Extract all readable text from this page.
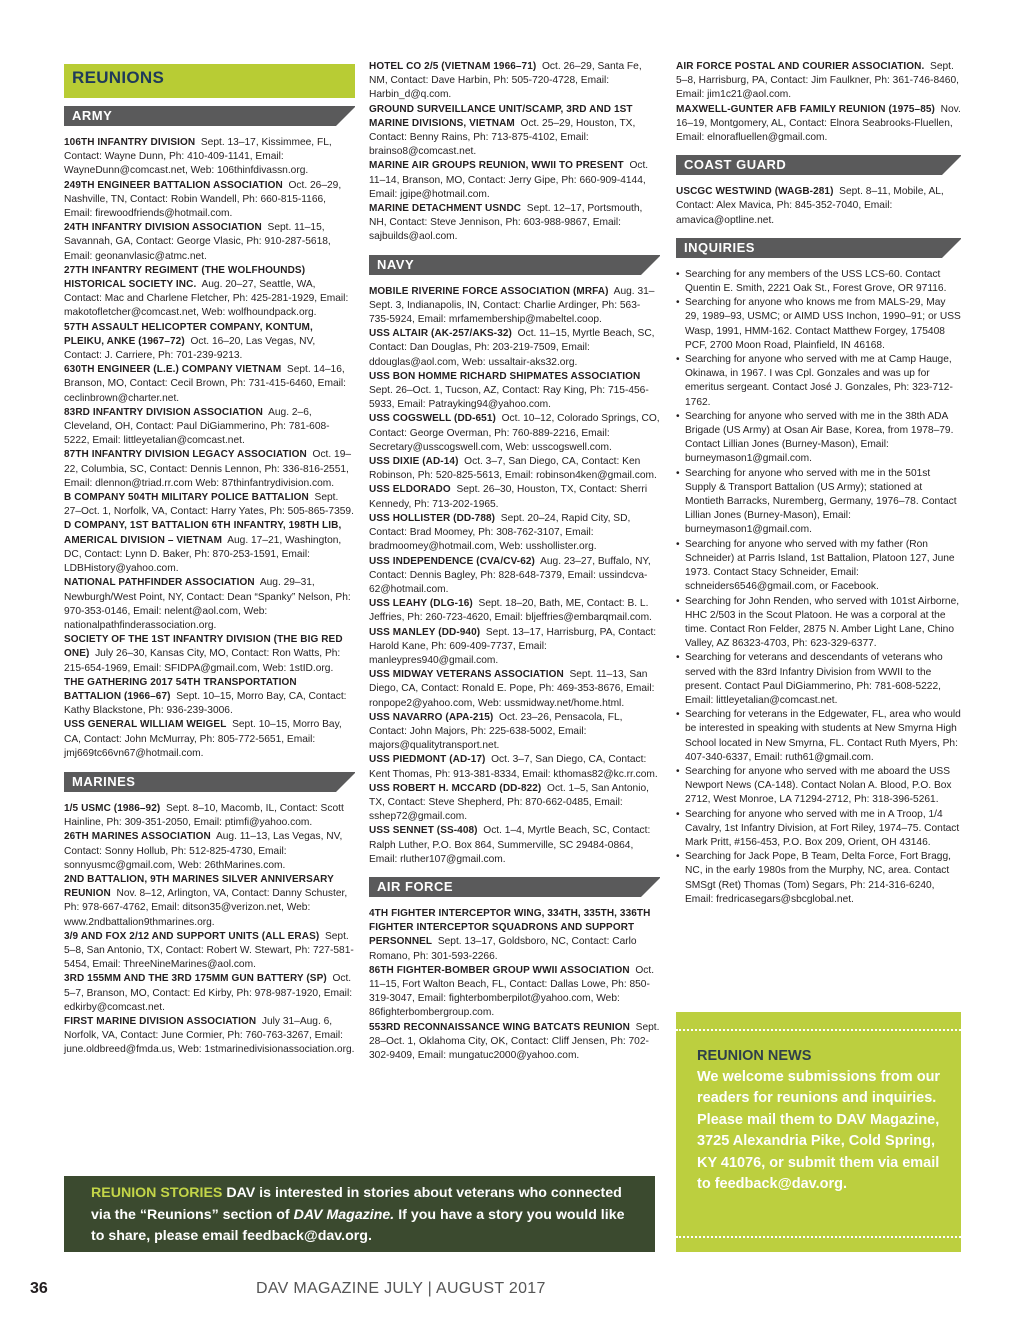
REUNIONS
ARMY
106TH INFANTRY DIVISION Sept. 13–17, Kissimmee, FL, Contact: Wayne Dunn, Ph: 410-409-1141, Email: WayneDunn@comcast.net, Web: 106thinfdivassn.org.
249TH ENGINEER BATTALION ASSOCIATION Oct. 26–29, Nashville, TN, Contact: Robin Wandell, Ph: 660-815-1166, Email: firewoodfriends@hotmail.com.
24TH INFANTRY DIVISION ASSOCIATION Sept. 11–15, Savannah, GA, Contact: George Vlasic, Ph: 910-287-5618, Email: geonanvlasic@atmc.net.
27TH INFANTRY REGIMENT (THE WOLFHOUNDS) HISTORICAL SOCIETY INC. Aug. 20–27, Seattle, WA, Contact: Mac and Charlene Fletcher, Ph: 425-281-1929, Email: makotofletcher@comcast.net, Web: wolfhoundpack.org.
57TH ASSAULT HELICOPTER COMPANY, KONTUM, PLEIKU, ANKE (1967–72) Oct. 16–20, Las Vegas, NV, Contact: J. Carriere, Ph: 701-239-9213.
630TH ENGINEER (L.E.) COMPANY VIETNAM Sept. 14–16, Branson, MO, Contact: Cecil Brown, Ph: 731-415-6460, Email: ceclinbrown@charter.net.
83RD INFANTRY DIVISION ASSOCIATION Aug. 2–6, Cleveland, OH, Contact: Paul DiGiammerino, Ph: 781-608-5222, Email: littleyetalian@comcast.net.
87TH INFANTRY DIVISION LEGACY ASSOCIATION Oct. 19–22, Columbia, SC, Contact: Dennis Lennon, Ph: 336-816-2551, Email: dlennon@triad.rr.com Web: 87thinfantrydivision.com.
B COMPANY 504TH MILITARY POLICE BATTALION Sept. 27–Oct. 1, Norfolk, VA, Contact: Harry Yates, Ph: 505-865-7359.
D COMPANY, 1ST BATTALION 6TH INFANTRY, 198TH LIB, AMERICAL DIVISION – VIETNAM Aug. 17–21, Washington, DC, Contact: Lynn D. Baker, Ph: 870-253-1591, Email: LDBHistory@yahoo.com.
NATIONAL PATHFINDER ASSOCIATION Aug. 29–31, Newburgh/West Point, NY, Contact: Dean “Spanky” Nelson, Ph: 970-353-0146, Email: nelent@aol.com, Web: nationalpathfinderassociation.org.
SOCIETY OF THE 1ST INFANTRY DIVISION (THE BIG RED ONE) July 26–30, Kansas City, MO, Contact: Ron Watts, Ph: 215-654-1969, Email: SFIDPA@gmail.com, Web: 1stID.org.
THE GATHERING 2017 54TH TRANSPORTATION BATTALION (1966–67) Sept. 10–15, Morro Bay, CA, Contact: Kathy Blackstone, Ph: 936-239-3006.
USS GENERAL WILLIAM WEIGEL Sept. 10–15, Morro Bay, CA, Contact: John McMurray, Ph: 805-772-5651, Email: jmj669tc66vn67@hotmail.com.
MARINES
1/5 USMC (1986–92) Sept. 8–10, Macomb, IL, Contact: Scott Hainline, Ph: 309-351-2050, Email: ptimfi@yahoo.com.
26TH MARINES ASSOCIATION Aug. 11–13, Las Vegas, NV, Contact: Sonny Hollub, Ph: 512-825-4730, Email: sonnyusmc@gmail.com, Web: 26thMarines.com.
2ND BATTALION, 9TH MARINES SILVER ANNIVERSARY REUNION Nov. 8–12, Arlington, VA, Contact: Danny Schuster, Ph: 978-667-4762, Email: ditson35@verizon.net, Web: www.2ndbattalion9thmarines.org.
3/9 AND FOX 2/12 AND SUPPORT UNITS (ALL ERAS) Sept. 5–8, San Antonio, TX, Contact: Robert W. Stewart, Ph: 727-581-5454, Email: ThreeNineMarines@aol.com.
3RD 155MM AND THE 3RD 175MM GUN BATTERY (SP) Oct. 5–7, Branson, MO, Contact: Ed Kirby, Ph: 978-987-1920, Email: edkirby@comcast.net.
FIRST MARINE DIVISION ASSOCIATION July 31–Aug. 6, Norfolk, VA, Contact: June Cormier, Ph: 760-763-3267, Email: june.oldbreed@fmda.us, Web: 1stmarinedivisionassociation.org.
HOTEL CO 2/5 (VIETNAM 1966–71) Oct. 26–29, Santa Fe, NM, Contact: Dave Harbin, Ph: 505-720-4728, Email: Harbin_d@q.com.
GROUND SURVEILLANCE UNIT/SCAMP, 3RD AND 1ST MARINE DIVISIONS, VIETNAM Oct. 25–29, Houston, TX, Contact: Benny Rains, Ph: 713-875-4102, Email: brainso8@comcast.net.
MARINE AIR GROUPS REUNION, WWII TO PRESENT Oct. 11–14, Branson, MO, Contact: Jerry Gipe, Ph: 660-909-4144, Email: jgipe@hotmail.com.
MARINE DETACHMENT USNDC Sept. 12–17, Portsmouth, NH, Contact: Steve Jennison, Ph: 603-988-9867, Email: sajbuilds@aol.com.
NAVY
MOBILE RIVERINE FORCE ASSOCIATION (MRFA) Aug. 31–Sept. 3, Indianapolis, IN, Contact: Charlie Ardinger, Ph: 563-735-5924, Email: mrfamembership@mabeltel.coop.
USS ALTAIR (AK-257/AKS-32) Oct. 11–15, Myrtle Beach, SC, Contact: Dan Douglas, Ph: 203-219-7509, Email: ddouglas@aol.com, Web: ussaltair-aks32.org.
USS BON HOMME RICHARD SHIPMATES ASSOCIATION  Sept. 26–Oct. 1, Tucson, AZ, Contact: Ray King, Ph: 715-456-5933, Email: Patrayking94@yahoo.com.
USS COGSWELL (DD-651) Oct. 10–12, Colorado Springs, CO, Contact: George Overman, Ph: 760-889-2216, Email: Secretary@usscogswell.com, Web: usscogswell.com.
USS DIXIE (AD-14) Oct. 3–7, San Diego, CA, Contact: Ken Robinson, Ph: 520-825-5613, Email: robinson4ken@gmail.com.
USS ELDORADO Sept. 26–30, Houston, TX, Contact: Sherri Kennedy, Ph: 713-202-1965.
USS HOLLISTER (DD-788) Sept. 20–24, Rapid City, SD, Contact: Brad Moomey, Ph: 308-762-3107, Email: bradmoomey@hotmail.com, Web: usshollister.org.
USS INDEPENDENCE (CVA/CV-62) Aug. 23–27, Buffalo, NY, Contact: Dennis Bagley, Ph: 828-648-7379, Email: ussindcva-62@hotmail.com.
USS LEAHY (DLG-16) Sept. 18–20, Bath, ME, Contact: B. L. Jeffries, Ph: 260-723-4620, Email: bljeffries@embarqmail.com.
USS MANLEY (DD-940) Sept. 13–17, Harrisburg, PA, Contact: Harold Kane, Ph: 609-409-7737, Email: manleypres940@gmail.com.
USS MIDWAY VETERANS ASSOCIATION Sept. 11–13, San Diego, CA, Contact: Ronald E. Pope, Ph: 469-353-8676, Email: ronpope2@yahoo.com, Web: ussmidway.net/home.html.
USS NAVARRO (APA-215) Oct. 23–26, Pensacola, FL, Contact: John Majors, Ph: 225-638-5002, Email: majors@qualitytransport.net.
USS PIEDMONT (AD-17) Oct. 3–7, San Diego, CA, Contact: Kent Thomas, Ph: 913-381-8334, Email: kthomas82@kc.rr.com.
USS ROBERT H. MCCARD (DD-822) Oct. 1–5, San Antonio, TX, Contact: Steve Shepherd, Ph: 870-662-0485, Email: sshep72@gmail.com.
USS SENNET (SS-408) Oct. 1–4, Myrtle Beach, SC, Contact: Ralph Luther, P.O. Box 864, Summerville, SC 29484-0864, Email: rluther107@gmail.com.
AIR FORCE
4TH FIGHTER INTERCEPTOR WING, 334TH, 335TH, 336TH FIGHTER INTERCEPTOR SQUADRONS AND SUPPORT PERSONNEL Sept. 13–17, Goldsboro, NC, Contact: Carlo Romano, Ph: 301-593-2266.
86TH FIGHTER-BOMBER GROUP WWII ASSOCIATION Oct. 11–15, Fort Walton Beach, FL, Contact: Dallas Lowe, Ph: 850-319-3047, Email: fighterbomberpilot@yahoo.com, Web: 86fighterbombergroup.com.
553RD RECONNAISSANCE WING BATCATS REUNION Sept. 28–Oct. 1, Oklahoma City, OK, Contact: Cliff Jensen, Ph: 702-302-9409, Email: mungatuc2000@yahoo.com.
AIR FORCE POSTAL AND COURIER ASSOCIATION. Sept. 5–8, Harrisburg, PA, Contact: Jim Faulkner, Ph: 361-746-8460, Email: jim1c21@aol.com.
MAXWELL-GUNTER AFB FAMILY REUNION (1975–85) Nov. 16–19, Montgomery, AL, Contact: Elnora Seabrooks-Fluellen, Email: elnorafluellen@gmail.com.
COAST GUARD
USCGC WESTWIND (WAGB-281) Sept. 8–11, Mobile, AL, Contact: Alex Mavica, Ph: 845-352-7040, Email: amavica@optline.net.
INQUIRIES
• Searching for any members of the USS LCS-60. Contact Quentin E. Smith, 2221 Oak St., Forest Grove, OR 97116.
• Searching for anyone who knows me from MALS-29, May 29, 1989–93, USMC; or AIMD USS Inchon, 1990–91; or USS Wasp, 1991, HMM-162. Contact Matthew Forgey, 175408 PCF, 2700 Moon Road, Plainfield, IN 46168.
• Searching for anyone who served with me at Camp Hauge, Okinawa, in 1967. I was Cpl. Gonzales and was up for emeritus sergeant. Contact José J. Gonzales, Ph: 323-712-1762.
• Searching for anyone who served with me in the 38th ADA Brigade (US Army) at Osan Air Base, Korea, from 1978–79. Contact Lillian Jones (Burney-Mason), Email: burneymason1@gmail.com.
• Searching for anyone who served with me in the 501st Supply & Transport Battalion (US Army); stationed at Montieth Barracks, Nuremberg, Germany, 1976–78. Contact Lillian Jones (Burney-Mason), Email: burneymason1@gmail.com.
• Searching for anyone who served with my father (Ron Schneider) at Parris Island, 1st Battalion, Platoon 127, June 1973. Contact Stacy Schneider, Email: schneiders6546@gmail.com, or Facebook.
• Searching for John Renden, who served with 101st Airborne, HHC 2/503 in the Scout Platoon. He was a corporal at the time. Contact Ron Felder, 2875 N. Amber Light Lane, Chino Valley, AZ 86323-4703, Ph: 623-329-6377.
• Searching for veterans and descendants of veterans who served with the 83rd Infantry Division from WWII to the present. Contact Paul DiGiammerino, Ph: 781-608-5222, Email: littleyetalian@comcast.net.
• Searching for veterans in the Edgewater, FL, area who would be interested in speaking with students at New Smyrna High School located in New Smyrna, FL. Contact Ruth Myers, Ph: 407-340-6337, Email: ruth61@gmail.com.
• Searching for anyone who served with me aboard the USS Newport News (CA-148). Contact Nolan A. Blood, P.O. Box 2712, West Monroe, LA 71294-2712, Ph: 318-396-5261.
• Searching for anyone who served with me in A Troop, 1/4 Cavalry, 1st Infantry Division, at Fort Riley, 1974–75. Contact Mark Pritt, #156-453, P.O. Box 209, Orient, OH 43146.
• Searching for Jack Pope, B Team, Delta Force, Fort Bragg, NC, in the early 1980s from the Murphy, NC, area. Contact SMSgt (Ret) Thomas (Tom) Segars, Ph: 214-316-6240, Email: fredricasegars@sbcglobal.net.
REUNION STORIES DAV is interested in stories about veterans who connected via the “Reunions” section of DAV Magazine. If you have a story you would like to share, please email feedback@dav.org.
REUNION NEWS
We welcome submissions from our readers for reunions and inquiries. Please mail them to DAV Magazine, 3725 Alexandria Pike, Cold Spring, KY 41076, or submit them via email to feedback@dav.org.
36	DAV MAGAZINE JULY | AUGUST 2017
